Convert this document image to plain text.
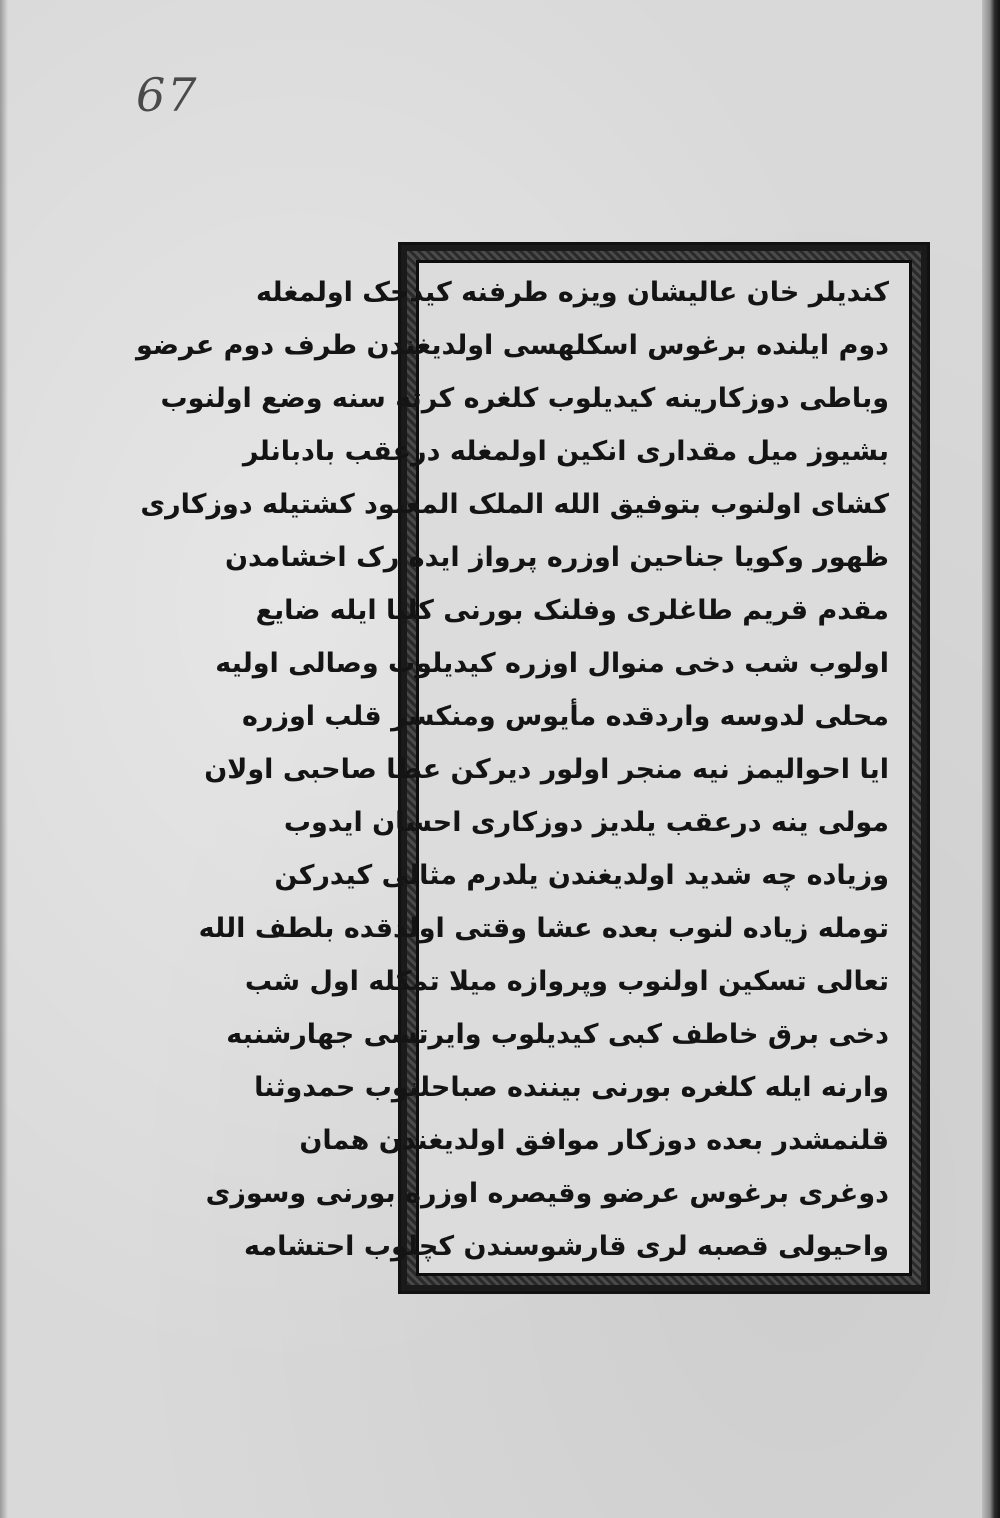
67
کندیلر خان عالیشان ویزه طرفنه کیدجک اولمغله
دوم ایلنده برغوس اسکلهسی اولدیغندن طرف دوم عرضو
وباطی دوزکارینه کیدیلوب کلغره کرته سنه وضع اولنوب
بشیوز میل مقداری انکین اولمغله درعقب بادبانلر
کشای اولنوب بتوفیق الله الملک المعبود کشتیله دوزکاری
ظهور وکویا جناحین اوزره پرواز ایده رک اخشامدن
مقدم قریم طاغلری وفلنک بورنی کلیا ایله ضایع
اولوب شب دخی منوال اوزره کیدیلوب وصالی اولیه
محلی لدوسه واردقده مأیوس ومنکسر قلب اوزره
ایا احوالیمز نیه منجر اولور دیرکن عطا صاحبی اولان
مولی ینه درعقب یلدیز دوزکاری احسان ایدوب
وزیاده چه شدید اولدیغندن یلدرم مثالی کیدرکن
تومله زیاده لنوب بعده عشا وقتی اولدقده بلطف الله
تعالی تسکین اولنوب وپروازه میلا تمکله اول شب
دخی برق خاطف کبی کیدیلوب وایرتسی جهارشنبه
وارنه ایله کلغره بورنی بیننده صباحلنوب حمدوثنا
قلنمشدر بعده دوزکار موافق اولدیغندن همان
دوغری برغوس عرضو وقیصره اوزره بورنی وسوزی
واحیولی قصبه لری قارشوسندن کچلوب احتشامه
